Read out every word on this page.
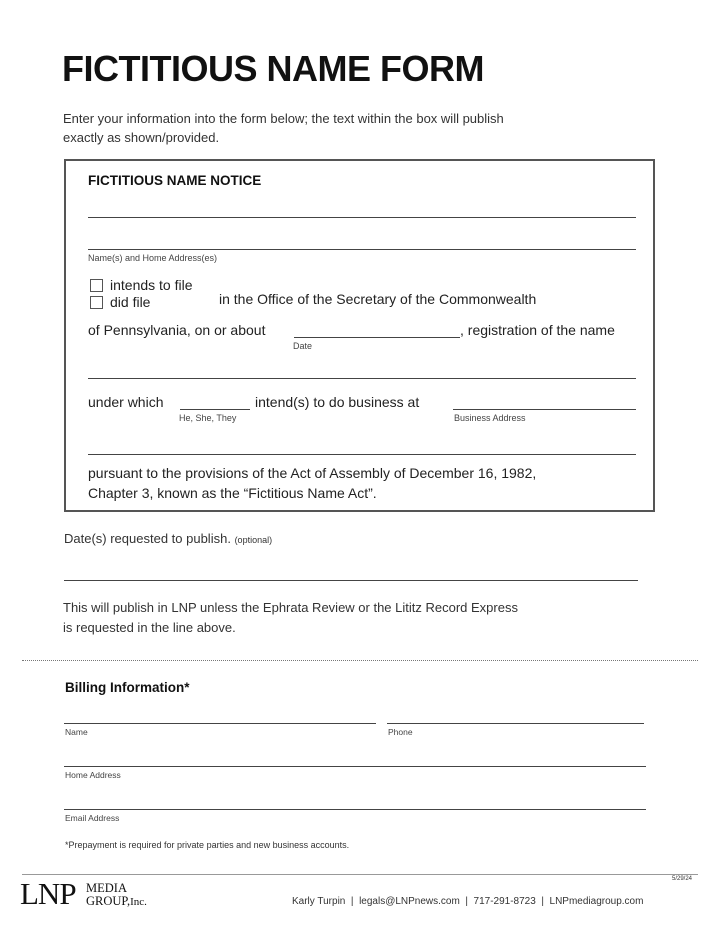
FICTITIOUS NAME FORM
Enter your information into the form below; the text within the box will publish
exactly as shown/provided.
FICTITIOUS NAME NOTICE
Name(s) and Home Address(es)
intends to file
did file	in the Office of the Secretary of the Commonwealth
of Pennsylvania, on or about
Date
, registration of the name
under which
He, She, They
intend(s) to do business at
Business Address
pursuant to the provisions of the Act of Assembly of December 16, 1982,
Chapter 3, known as the “Fictitious Name Act”.
Date(s) requested to publish. (optional)
This will publish in LNP unless the Ephrata Review or the Lititz Record Express
is requested in the line above.
Billing Information*
Name	Phone
Home Address
Email Address
*Prepayment is required for private parties and new business accounts.
5/29/24
LNP MEDIA
GROUP,Inc.	Karly Turpin  |  legals@LNPnews.com  |  717-291-8723  |  LNPmediagroup.com
